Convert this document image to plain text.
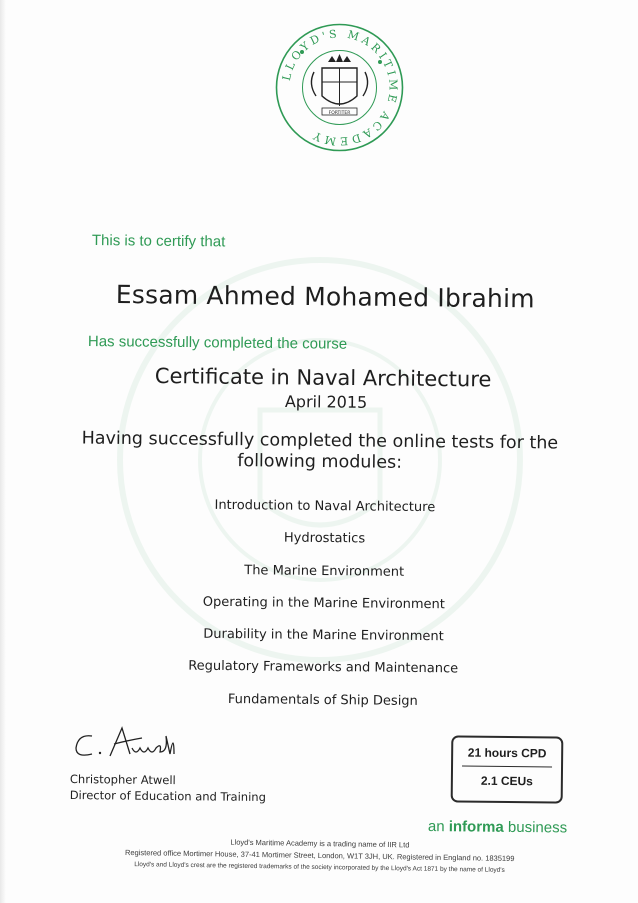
LLOYD'S MARITIME ACADEMY
FORTITER
This is to certify that
Essam Ahmed Mohamed Ibrahim
Has successfully completed the course
Certificate in Naval Architecture
April 2015
Having successfully completed the online tests for the following modules:
Introduction to Naval Architecture
Hydrostatics
The Marine Environment
Operating in the Marine Environment
Durability in the Marine Environment
Regulatory Frameworks and Maintenance
Fundamentals of Ship Design
Christopher Atwell
Director of Education and Training
21 hours CPD
2.1 CEUs
an informa business
Lloyd's Maritime Academy is a trading name of IIR Ltd
Registered office Mortimer House, 37-41 Mortimer Street, London, W1T 3JH, UK. Registered in England no. 1835199
Lloyd's and Lloyd's crest are the registered trademarks of the society incorporated by the Lloyd's Act 1871 by the name of Lloyd's
